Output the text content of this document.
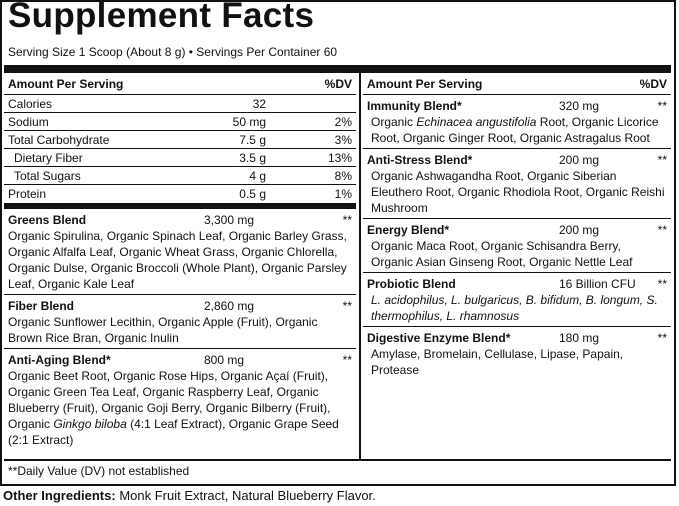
Supplement Facts
Serving Size 1 Scoop (About 8 g) • Servings Per Container 60
Amount Per Serving	%DV
Calories	32
Sodium	50 mg	2%
Total Carbohydrate	7.5 g	3%
Dietary Fiber	3.5 g	13%
Total Sugars	4 g	8%
Protein	0.5 g	1%
Greens Blend	3,300 mg	**
Organic Spirulina, Organic Spinach Leaf, Organic Barley Grass, Organic Alfalfa Leaf, Organic Wheat Grass, Organic Chlorella, Organic Dulse, Organic Broccoli (Whole Plant), Organic Parsley Leaf, Organic Kale Leaf
Fiber Blend	2,860 mg	**
Organic Sunflower Lecithin, Organic Apple (Fruit), Organic Brown Rice Bran, Organic Inulin
Anti-Aging Blend*	800 mg	**
Organic Beet Root, Organic Rose Hips, Organic Açaí (Fruit), Organic Green Tea Leaf, Organic Raspberry Leaf, Organic Blueberry (Fruit), Organic Goji Berry, Organic Bilberry (Fruit), Organic Ginkgo biloba (4:1 Leaf Extract), Organic Grape Seed (2:1 Extract)
Amount Per Serving	%DV
Immunity Blend*	320 mg	**
Organic Echinacea angustifolia Root, Organic Licorice Root, Organic Ginger Root, Organic Astragalus Root
Anti-Stress Blend*	200 mg	**
Organic Ashwagandha Root, Organic Siberian Eleuthero Root, Organic Rhodiola Root, Organic Reishi Mushroom
Energy Blend*	200 mg	**
Organic Maca Root, Organic Schisandra Berry, Organic Asian Ginseng Root, Organic Nettle Leaf
Probiotic Blend	16 Billion CFU **
L. acidophilus, L. bulgaricus, B. bifidum, B. longum, S. thermophilus, L. rhamnosus
Digestive Enzyme Blend*	180 mg	**
Amylase, Bromelain, Cellulase, Lipase, Papain, Protease
**Daily Value (DV) not established
Other Ingredients: Monk Fruit Extract, Natural Blueberry Flavor.
